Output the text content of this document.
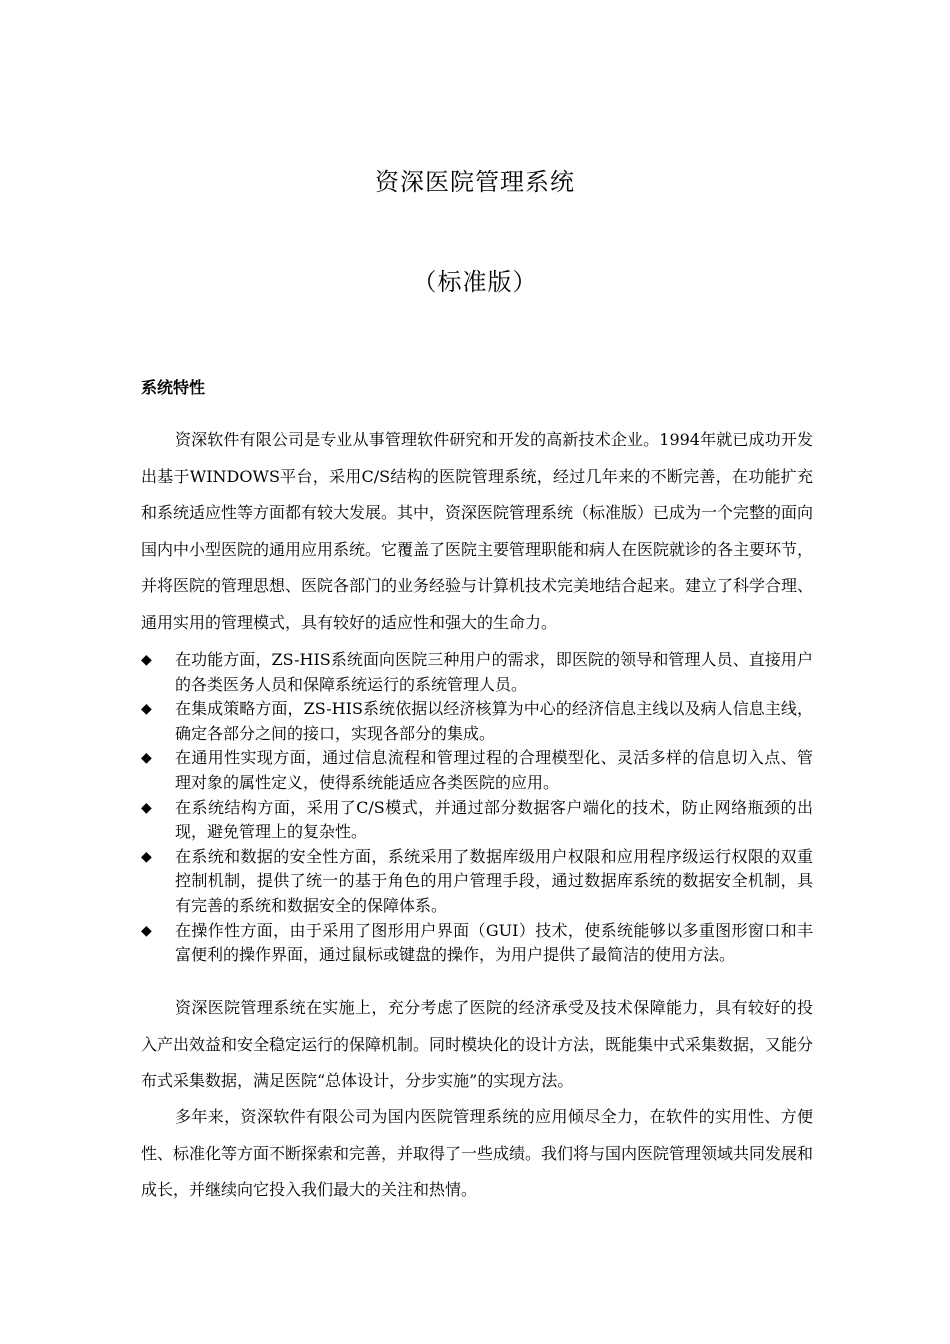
资深医院管理系统
（标准版）
系统特性

资深软件有限公司是专业从事管理软件研究和开发的高新技术企业。1994年就已成功开发出基于WINDOWS平台，采用C/S结构的医院管理系统，经过几年来的不断完善，在功能扩充和系统适应性等方面都有较大发展。其中，资深医院管理系统（标准版）已成为一个完整的面向国内中小型医院的通用应用系统。它覆盖了医院主要管理职能和病人在医院就诊的各主要环节，并将医院的管理思想、医院各部门的业务经验与计算机技术完美地结合起来。建立了科学合理、通用实用的管理模式，具有较好的适应性和强大的生命力。

◆ 在功能方面，ZS-HIS系统面向医院三种用户的需求，即医院的领导和管理人员、直接用户的各类医务人员和保障系统运行的系统管理人员。
◆ 在集成策略方面，ZS-HIS系统依据以经济核算为中心的经济信息主线以及病人信息主线，确定各部分之间的接口，实现各部分的集成。
◆ 在通用性实现方面，通过信息流程和管理过程的合理模型化、灵活多样的信息切入点、管理对象的属性定义，使得系统能适应各类医院的应用。
◆ 在系统结构方面，采用了C/S模式，并通过部分数据客户端化的技术，防止网络瓶颈的出现，避免管理上的复杂性。
◆ 在系统和数据的安全性方面，系统采用了数据库级用户权限和应用程序级运行权限的双重控制机制，提供了统一的基于角色的用户管理手段，通过数据库系统的数据安全机制，具有完善的系统和数据安全的保障体系。
◆ 在操作性方面，由于采用了图形用户界面（GUI）技术，使系统能够以多重图形窗口和丰富便利的操作界面，通过鼠标或键盘的操作，为用户提供了最简洁的使用方法。

资深医院管理系统在实施上，充分考虑了医院的经济承受及技术保障能力，具有较好的投入产出效益和安全稳定运行的保障机制。同时模块化的设计方法，既能集中式采集数据，又能分布式采集数据，满足医院“总体设计，分步实施”的实现方法。

多年来，资深软件有限公司为国内医院管理系统的应用倾尽全力，在软件的实用性、方便性、标准化等方面不断探索和完善，并取得了一些成绩。我们将与国内医院管理领域共同发展和成长，并继续向它投入我们最大的关注和热情。
